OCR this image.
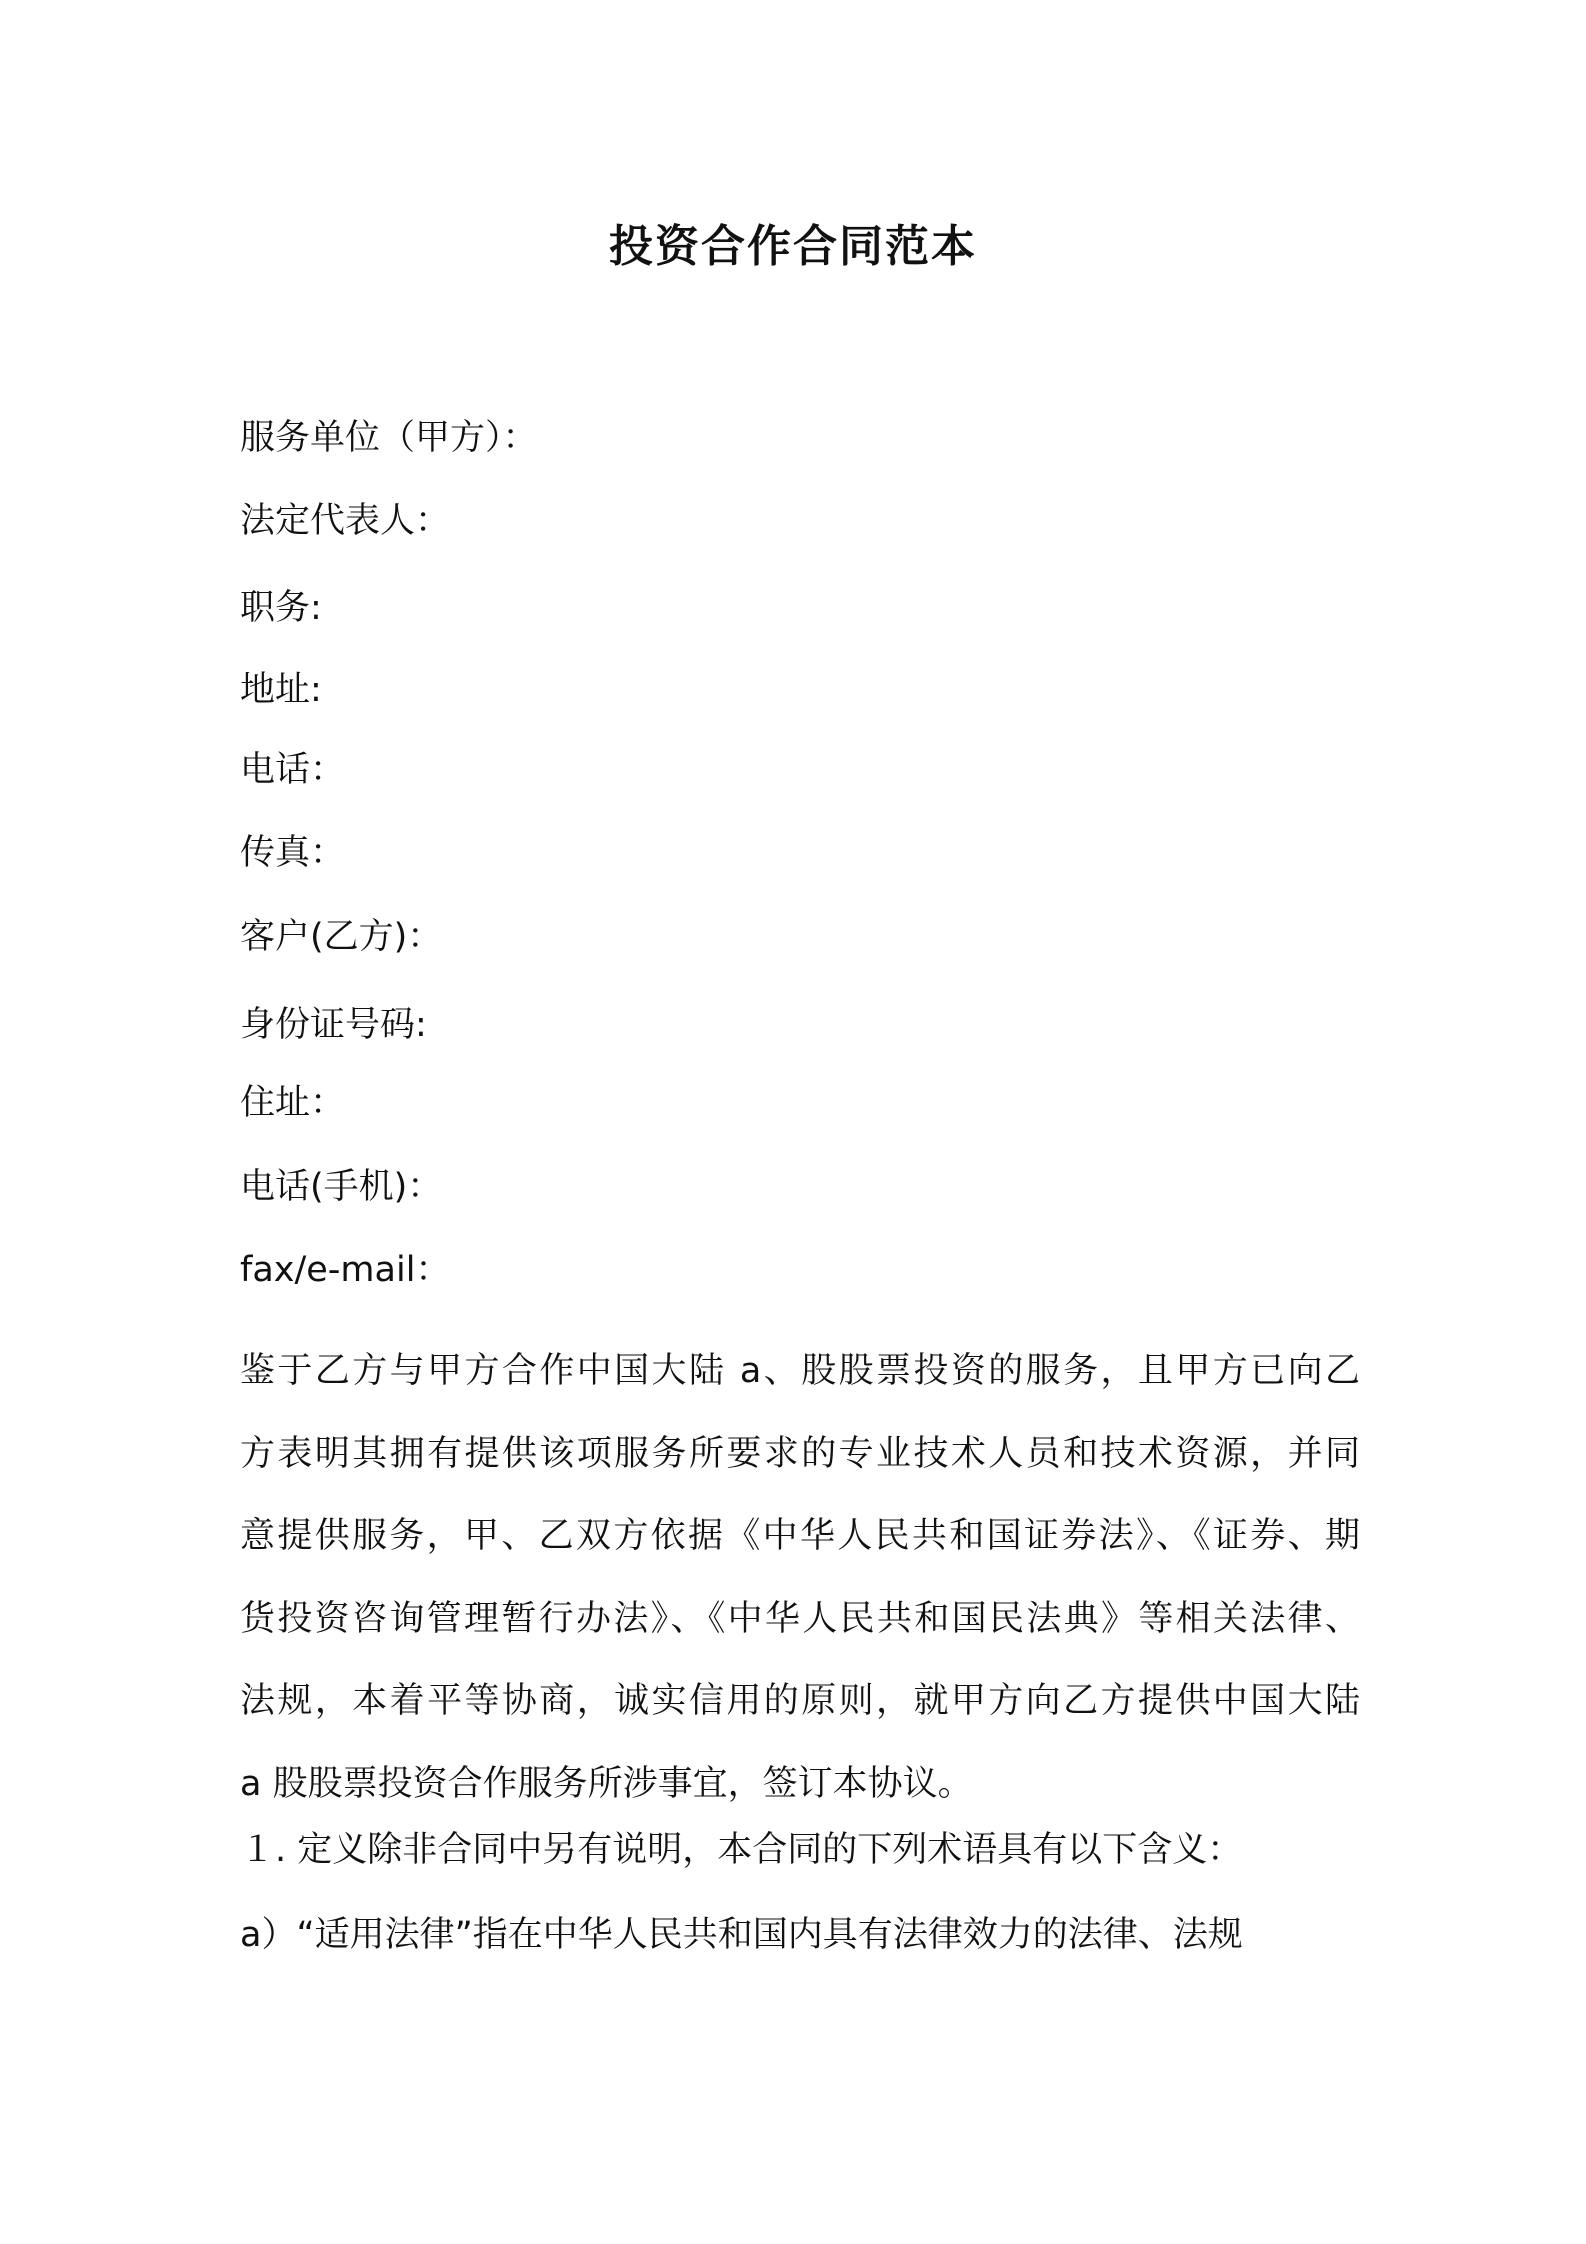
投资合作合同范本
服务单位（甲方）：
法定代表人：
职务:
地址:
电话：
传真：
客户(乙方)：
身份证号码:
住址：
电话(手机)：
fax/e-mail：

鉴于乙方与甲方合作中国大陆 a、股股票投资的服务，且甲方已向乙
方表明其拥有提供该项服务所要求的专业技术人员和技术资源，并同
意提供服务，甲、乙双方依据《中华人民共和国证券法》、《证券、期
货投资咨询管理暂行办法》、《中华人民共和国民法典》等相关法律、
法规，本着平等协商，诚实信用的原则，就甲方向乙方提供中国大陆
a 股股票投资合作服务所涉事宜，签订本协议。

１. 定义除非合同中另有说明，本合同的下列术语具有以下含义：
a）“适用法律”指在中华人民共和国内具有法律效力的法律、法规
